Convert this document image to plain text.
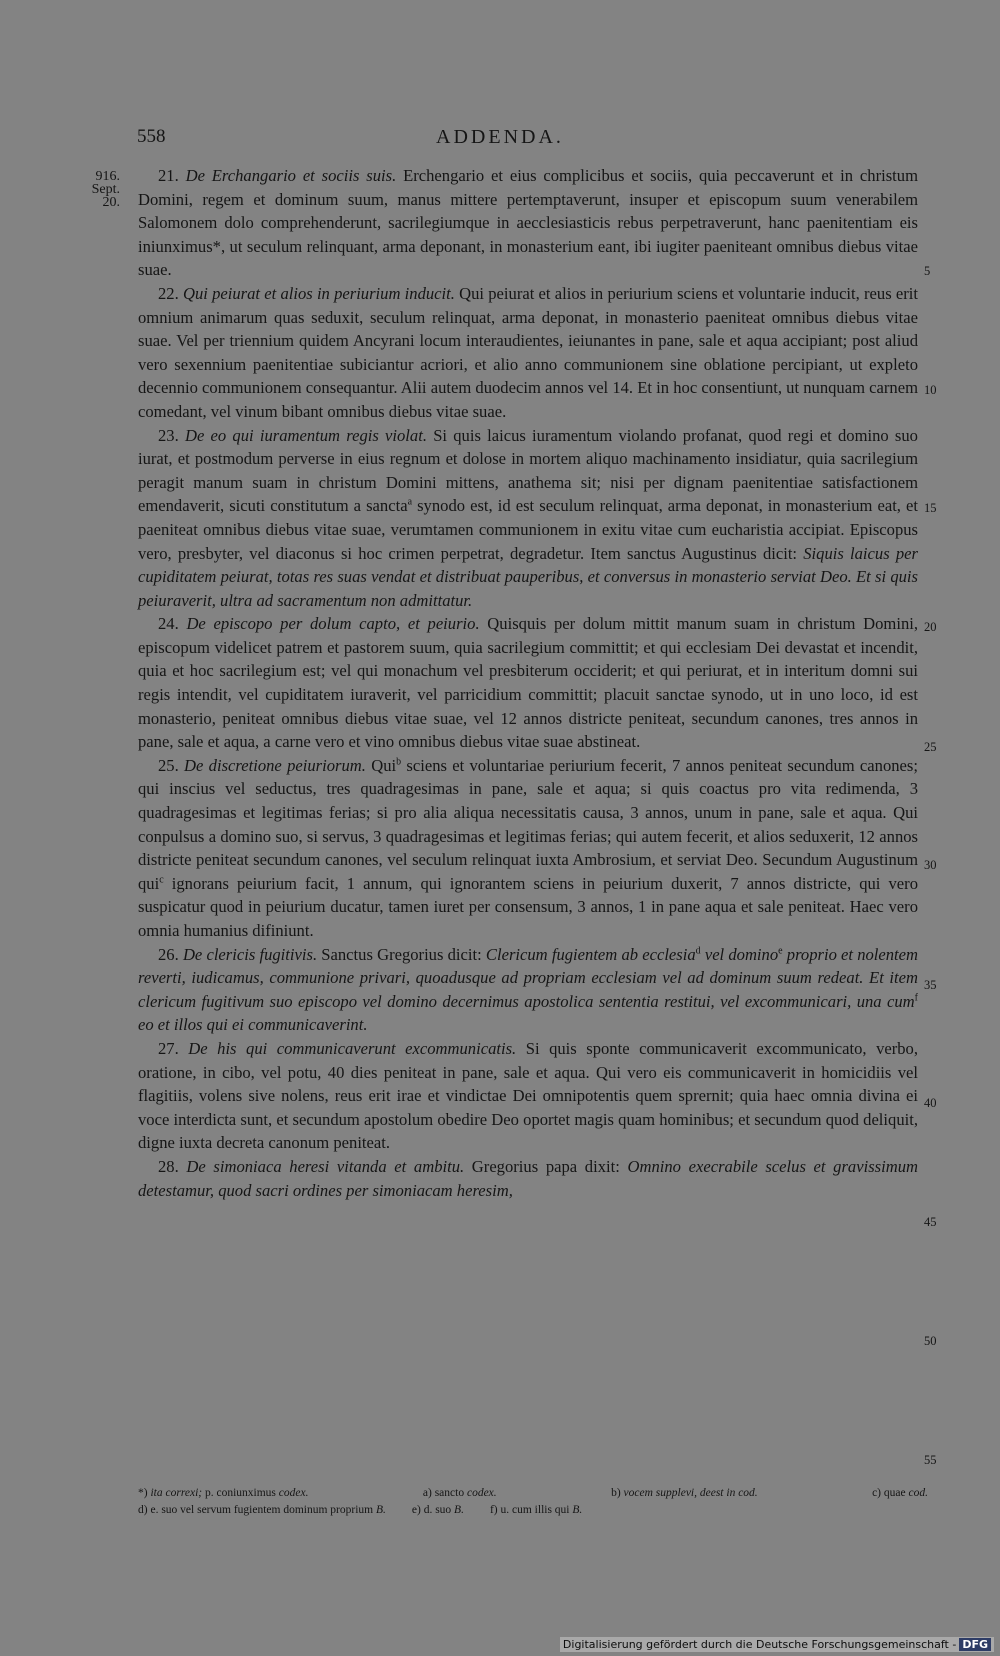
558	ADDENDA.
916.
Sept.
20.

21. De Erchangario et sociis suis. Erchengario et eius complicibus et sociis, quia peccaverunt et in christum Domini, regem et dominum suum, manus mittere pertemptaverunt, insuper et episcopum suum venerabilem Salomonem dolo comprehenderunt, sacrilegiumque in aecclesiasticis rebus perpetraverunt, hanc paenitentiam eis iniunximus*, ut seculum relinquant, arma deponant, in monasterium eant, ibi iugiter paeniteant omnibus diebus vitae suae.

22. Qui peiurat et alios in periurium inducit. Qui peiurat et alios in periurium sciens et voluntarie inducit, reus erit omnium animarum quas seduxit, seculum relinquat, arma deponat, in monasterio paeniteat omnibus diebus vitae suae. Vel per triennium quidem Ancyrani locum interaudientes, ieiunantes in pane, sale et aqua accipiant; post aliud vero sexennium paenitentiae subiciantur acriori, et alio anno communionem sine oblatione percipiant, ut expleto decennio communionem consequantur. Alii autem duodecim annos vel 14. Et in hoc consentiunt, ut nunquam carnem comedant, vel vinum bibant omnibus diebus vitae suae.

23. De eo qui iuramentum regis violat. Si quis laicus iuramentum violando profanat, quod regi et domino suo iurat, et postmodum perverse in eius regnum et dolose in mortem aliquo machinamento insidiatur, quia sacrilegium peragit manum suam in christum Domini mittens, anathema sit; nisi per dignam paenitentiae satisfactionem emendaverit, sicuti constitutum a sancta$^a$ synodo est, id est seculum relinquat, arma deponat, in monasterium eat, et paeniteat omnibus diebus vitae suae, verumtamen communionem in exitu vitae cum eucharistia accipiat. Episcopus vero, presbyter, vel diaconus si hoc crimen perpetrat, degradetur. Item sanctus Augustinus dicit: Siquis laicus per cupiditatem peiurat, totas res suas vendat et distribuat pauperibus, et conversus in monasterio serviat Deo. Et si quis peiuraverit, ultra ad sacramentum non admittatur.

24. De episcopo per dolum capto, et peiurio. Quisquis per dolum mittit manum suam in christum Domini, episcopum videlicet patrem et pastorem suum, quia sacrilegium committit; et qui ecclesiam Dei devastat et incendit, quia et hoc sacrilegium est; vel qui monachum vel presbiterum occiderit; et qui periurat, et in interitum domni sui regis intendit, vel cupiditatem iuraverit, vel parricidium committit; placuit sanctae synodo, ut in uno loco, id est monasterio, peniteat omnibus diebus vitae suae, vel 12 annos districte peniteat, secundum canones, tres annos in pane, sale et aqua, a carne vero et vino omnibus diebus vitae suae abstineat.

25. De discretione peiuriorum. Qui$^b$ sciens et voluntariae periurium fecerit, 7 annos peniteat secundum canones; qui inscius vel seductus, tres quadragesimas in pane, sale et aqua; si quis coactus pro vita redimenda, 3 quadragesimas et legitimas ferias; si pro alia aliqua necessitatis causa, 3 annos, unum in pane, sale et aqua. Qui conpulsus a domino suo, si servus, 3 quadragesimas et legitimas ferias; qui autem fecerit, et alios seduxerit, 12 annos districte peniteat secundum canones, vel seculum relinquat iuxta Ambrosium, et serviat Deo. Secundum Augustinum qui$^c$ ignorans peiurium facit, 1 annum, qui ignorantem sciens in peiurium duxerit, 7 annos districte, qui vero suspicatur quod in peiurium ducatur, tamen iuret per consensum, 3 annos, 1 in pane aqua et sale peniteat. Haec vero omnia humanius difiniunt.

26. De clericis fugitivis. Sanctus Gregorius dicit: Clericum fugientem ab ecclesia$^d$ vel domino$^e$ proprio et nolentem reverti, iudicamus, communione privari, quoadusque ad propriam ecclesiam vel ad dominum suum redeat. Et item clericum fugitivum suo episcopo vel domino decernimus apostolica sententia restitui, vel excommunicari, una cum$^f$ eo et illos qui ei communicaverint.

27. De his qui communicaverunt excommunicatis. Si quis sponte communicaverit excommunicato, verbo, oratione, in cibo, vel potu, 40 dies peniteat in pane, sale et aqua. Qui vero eis communicaverit in homicidiis vel flagitiis, volens sive nolens, reus erit irae et vindictae Dei omnipotentis quem sprernit; quia haec omnia divina ei voce interdicta sunt, et secundum apostolum obedire Deo oportet magis quam hominibus; et secundum quod deliquit, digne iuxta decreta canonum peniteat.

28. De simoniaca heresi vitanda et ambitu. Gregorius papa dixit: Omnino execrabile scelus et gravissimum detestamur, quod sacri ordines per simoniacam heresim,

5
10
15
20
25
30
35
40
45
50
55
*) ita correxi; p. coniunximus codex.	a) sancto codex.	b) vocem supplevi, deest in cod.	c) quae cod.
d) e. suo vel servum fugientem dominum proprium B. e) d. suo B. f) u. cum illis qui B.
Digitalisierung gefördert durch die Deutsche Forschungsgemeinschaft - DFG
